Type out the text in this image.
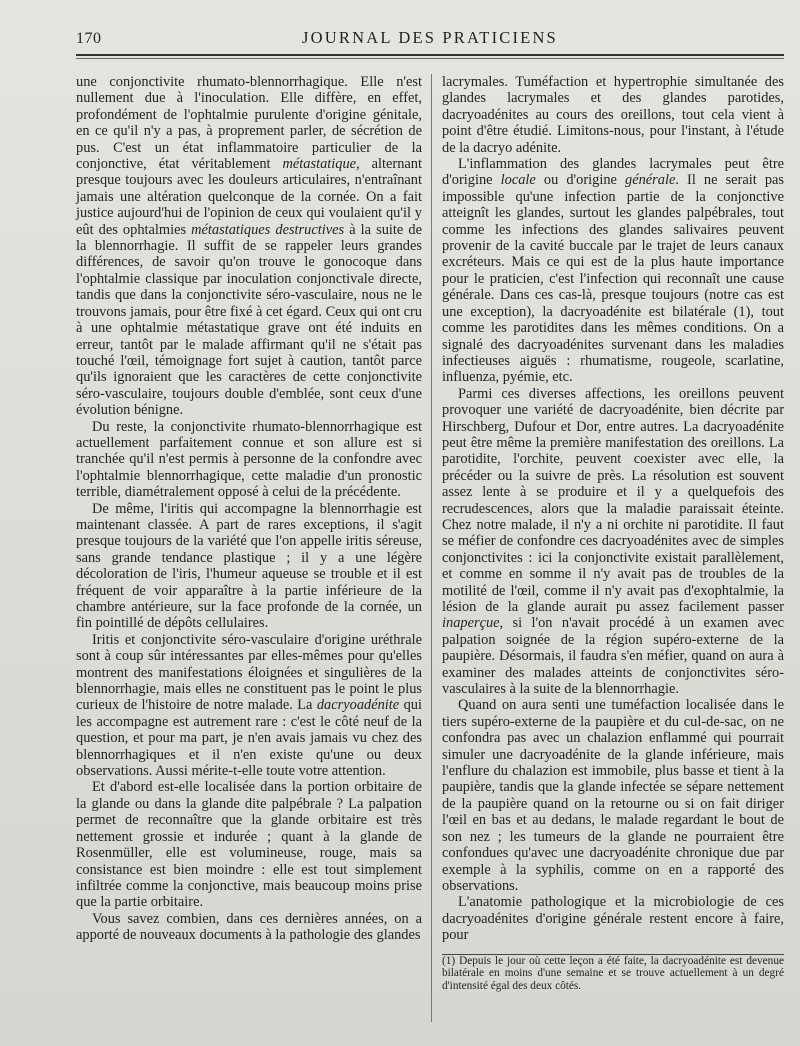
170	JOURNAL DES PRATICIENS

une conjonctivite rhumato-blennorrhagique. Elle n'est nullement due à l'inoculation. Elle diffère, en effet, profondément de l'ophtalmie purulente d'origine génitale, en ce qu'il n'y a pas, à proprement parler, de sécrétion de pus. C'est un état inflammatoire particulier de la conjonctive, état véritablement métastatique, alternant presque toujours avec les douleurs articulaires, n'entraînant jamais une altération quelconque de la cornée. On a fait justice aujourd'hui de l'opinion de ceux qui voulaient qu'il y eût des ophtalmies métastatiques destructives à la suite de la blennorrhagie. Il suffit de se rappeler leurs grandes différences, de savoir qu'on trouve le gonocoque dans l'ophtalmie classique par inoculation conjonctivale directe, tandis que dans la conjonctivite séro-vasculaire, nous ne le trouvons jamais, pour être fixé à cet égard. Ceux qui ont cru à une ophtalmie métastatique grave ont été induits en erreur, tantôt par le malade affirmant qu'il ne s'était pas touché l'œil, témoignage fort sujet à caution, tantôt parce qu'ils ignoraient que les caractères de cette conjonctivite séro-vasculaire, toujours double d'emblée, sont ceux d'une évolution bénigne.

Du reste, la conjonctivite rhumato-blennorrhagique est actuellement parfaitement connue et son allure est si tranchée qu'il n'est permis à personne de la confondre avec l'ophtalmie blennorrhagique, cette maladie d'un pronostic terrible, diamétralement opposé à celui de la précédente.

De même, l'iritis qui accompagne la blennorrhagie est maintenant classée. A part de rares exceptions, il s'agit presque toujours de la variété que l'on appelle iritis séreuse, sans grande tendance plastique ; il y a une légère décoloration de l'iris, l'humeur aqueuse se trouble et il est fréquent de voir apparaître à la partie inférieure de la chambre antérieure, sur la face profonde de la cornée, un fin pointillé de dépôts cellulaires.

Iritis et conjonctivite séro-vasculaire d'origine uréthrale sont à coup sûr intéressantes par elles-mêmes pour qu'elles montrent des manifestations éloignées et singulières de la blennorrhagie, mais elles ne constituent pas le point le plus curieux de l'histoire de notre malade. La dacryoadénite qui les accompagne est autrement rare : c'est le côté neuf de la question, et pour ma part, je n'en avais jamais vu chez des blennorrhagiques et il n'en existe qu'une ou deux observations. Aussi mérite-t-elle toute votre attention.

Et d'abord est-elle localisée dans la portion orbitaire de la glande ou dans la glande dite palpébrale ? La palpation permet de reconnaître que la glande orbitaire est très nettement grossie et indurée ; quant à la glande de Rosenmüller, elle est volumineuse, rouge, mais sa consistance est bien moindre : elle est tout simplement infiltrée comme la conjonctive, mais beaucoup moins prise que la partie orbitaire.

Vous savez combien, dans ces dernières années, on a apporté de nouveaux documents à la pathologie des glandes

lacrymales. Tuméfaction et hypertrophie simultanée des glandes lacrymales et des glandes parotides, dacryoadénites au cours des oreillons, tout cela vient à point d'être étudié. Limitons-nous, pour l'instant, à l'étude de la dacryo adénite.

L'inflammation des glandes lacrymales peut être d'origine locale ou d'origine générale. Il ne serait pas impossible qu'une infection partie de la conjonctive atteignît les glandes, surtout les glandes palpébrales, tout comme les infections des glandes salivaires peuvent provenir de la cavité buccale par le trajet de leurs canaux excréteurs. Mais ce qui est de la plus haute importance pour le praticien, c'est l'infection qui reconnaît une cause générale. Dans ces cas-là, presque toujours (notre cas est une exception), la dacryoadénite est bilatérale (1), tout comme les parotidites dans les mêmes conditions. On a signalé des dacryoadénites survenant dans les maladies infectieuses aiguës : rhumatisme, rougeole, scarlatine, influenza, pyémie, etc.

Parmi ces diverses affections, les oreillons peuvent provoquer une variété de dacryoadénite, bien décrite par Hirschberg, Dufour et Dor, entre autres. La dacryoadénite peut être même la première manifestation des oreillons. La parotidite, l'orchite, peuvent coexister avec elle, la précéder ou la suivre de près. La résolution est souvent assez lente à se produire et il y a quelquefois des recrudescences, alors que la maladie paraissait éteinte. Chez notre malade, il n'y a ni orchite ni parotidite. Il faut se méfier de confondre ces dacryoadénites avec de simples conjonctivites : ici la conjonctivite existait parallèlement, et comme en somme il n'y avait pas de troubles de la motilité de l'œil, comme il n'y avait pas d'exophtalmie, la lésion de la glande aurait pu assez facilement passer inaperçue, si l'on n'avait procédé à un examen avec palpation soignée de la région supéro-externe de la paupière. Désormais, il faudra s'en méfier, quand on aura à examiner des malades atteints de conjonctivites séro-vasculaires à la suite de la blennorrhagie.

Quand on aura senti une tuméfaction localisée dans le tiers supéro-externe de la paupière et du cul-de-sac, on ne confondra pas avec un chalazion enflammé qui pourrait simuler une dacryoadénite de la glande inférieure, mais l'enflure du chalazion est immobile, plus basse et tient à la paupière, tandis que la glande infectée se sépare nettement de la paupière quand on la retourne ou si on fait diriger l'œil en bas et au dedans, le malade regardant le bout de son nez ; les tumeurs de la glande ne pourraient être confondues qu'avec une dacryoadénite chronique due par exemple à la syphilis, comme on en a rapporté des observations.

L'anatomie pathologique et la microbiologie de ces dacryoadénites d'origine générale restent encore à faire, pour

(1) Depuis le jour où cette leçon a été faite, la dacryoadénite est devenue bilatérale en moins d'une semaine et se trouve actuellement à un degré d'intensité égal des deux côtés.
